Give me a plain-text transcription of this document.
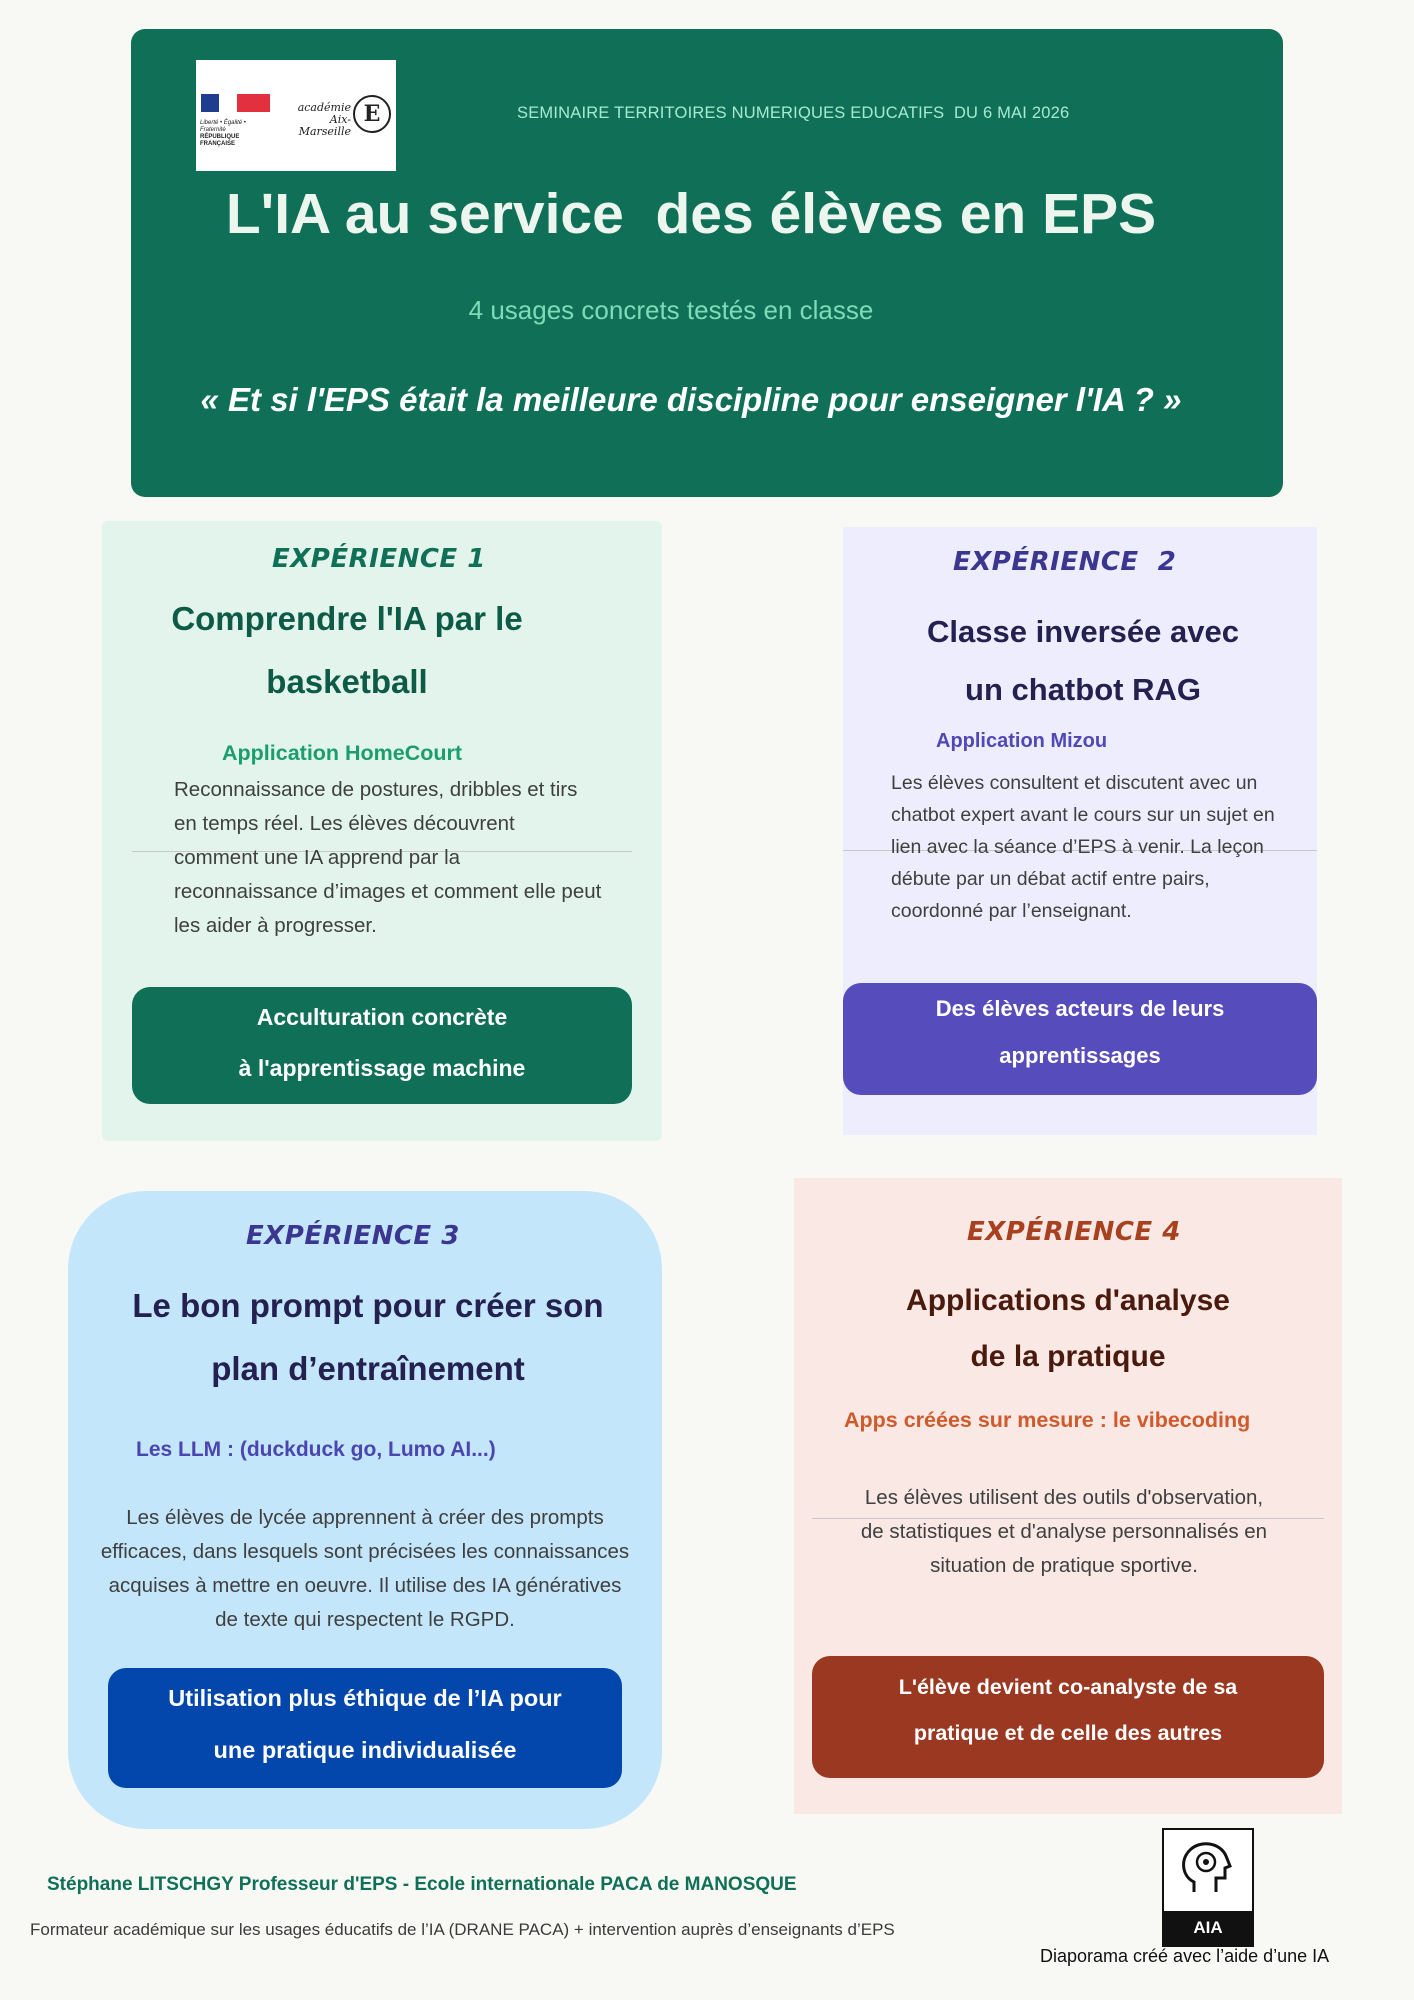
Liberté • Égalité • Fraternité
RÉPUBLIQUE FRANÇAISE
académie Aix-Marseille
E	SEMINAIRE TERRITOIRES NUMERIQUES EDUCATIFS  DU 6 MAI 2026
L'IA au service  des élèves en EPS
4 usages concrets testés en classe
« Et si l'EPS était la meilleure discipline pour enseigner l'IA ? »
EXPÉRIENCE 1
Comprendre l'IA par le
basketball
Application HomeCourt
Reconnaissance de postures, dribbles et tirs en temps réel. Les élèves découvrent comment une IA apprend par la reconnaissance d’images et comment elle peut les aider à progresser.
Acculturation concrète
à l'apprentissage machine
EXPÉRIENCE  2
Classe inversée avec
un chatbot RAG
Application Mizou
Les élèves consultent et discutent avec un chatbot expert avant le cours sur un sujet en lien avec la séance d’EPS à venir. La leçon débute par un débat actif entre pairs, coordonné par l’enseignant.
Des élèves acteurs de leurs
apprentissages
EXPÉRIENCE 3
Le bon prompt pour créer son
plan d’entraînement
Les LLM : (duckduck go, Lumo AI...)
Les élèves de lycée apprennent à créer des prompts efficaces, dans lesquels sont précisées les connaissances acquises à mettre en oeuvre. Il utilise des IA génératives de texte qui respectent le RGPD.
Utilisation plus éthique de l’IA pour
une pratique individualisée
EXPÉRIENCE 4
Applications d'analyse
de la pratique
Apps créées sur mesure : le vibecoding
Les élèves utilisent des outils d'observation, de statistiques et d'analyse personnalisés en situation de pratique sportive.
L'élève devient co-analyste de sa
pratique et de celle des autres
Stéphane LITSCHGY Professeur d'EPS - Ecole internationale PACA de MANOSQUE
Formateur académique sur les usages éducatifs de l’IA (DRANE PACA) + intervention auprès d’enseignants d’EPS	AIA
Diaporama créé avec l’aide d’une IA
